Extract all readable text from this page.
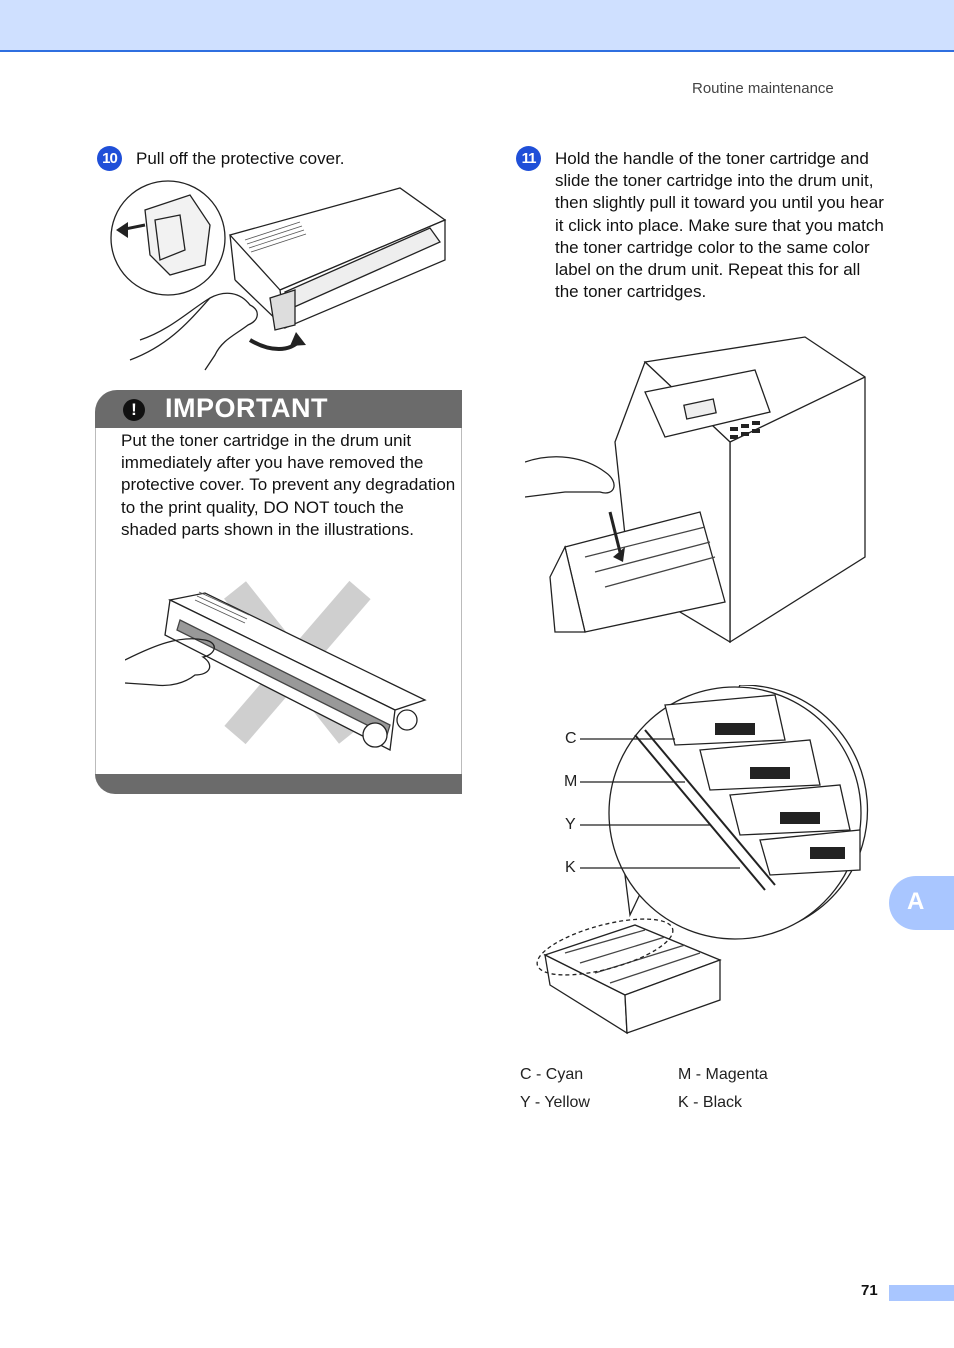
Routine maintenance
10	Pull off the protective cover.
!	IMPORTANT
Put the toner cartridge in the drum unit immediately after you have removed the protective cover. To prevent any degradation to the print quality, DO NOT touch the shaded parts shown in the illustrations.
11	Hold the handle of the toner cartridge and slide the toner cartridge into the drum unit, then slightly pull it toward you until you hear it click into place. Make sure that you match the toner cartridge color to the same color label on the drum unit. Repeat this for all the toner cartridges.
C
M
Y
K
C - Cyan	M - Magenta
Y - Yellow	K - Black
A
71
